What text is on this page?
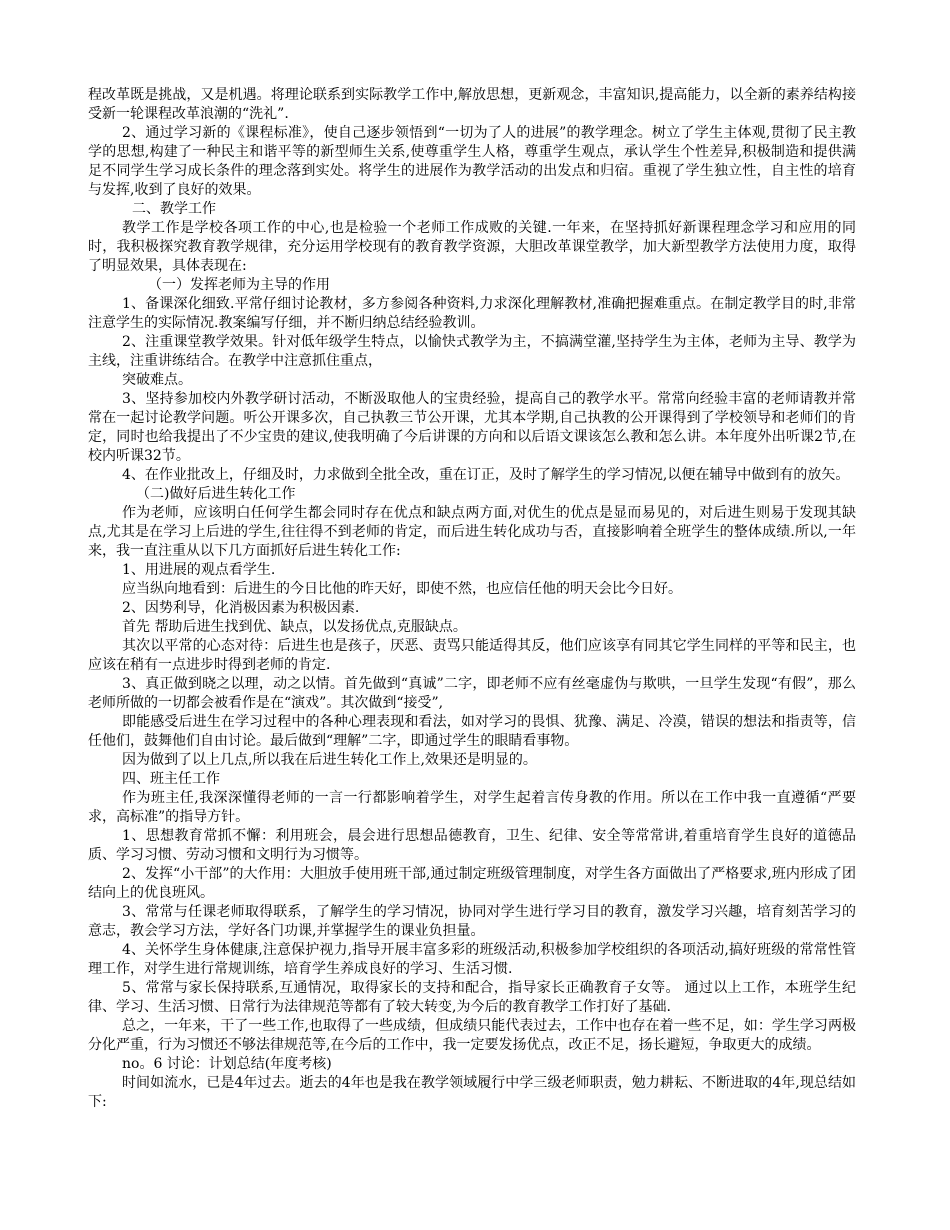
程改革既是挑战，又是机遇。将理论联系到实际教学工作中,解放思想，更新观念，丰富知识,提高能力，以全新的素养结构接受新一轮课程改革浪潮的“洗礼”.

2、通过学习新的《课程标准》，使自己逐步领悟到“一切为了人的进展”的教学理念。树立了学生主体观,贯彻了民主教学的思想,构建了一种民主和谐平等的新型师生关系,使尊重学生人格，尊重学生观点，承认学生个性差异,积极制造和提供满足不同学生学习成长条件的理念落到实处。将学生的进展作为教学活动的出发点和归宿。重视了学生独立性，自主性的培育与发挥,收到了良好的效果。

二、教学工作

教学工作是学校各项工作的中心,也是检验一个老师工作成败的关键.一年来，在坚持抓好新课程理念学习和应用的同时，我积极探究教育教学规律，充分运用学校现有的教育教学资源，大胆改革课堂教学，加大新型教学方法使用力度，取得了明显效果，具体表现在:

（一）发挥老师为主导的作用

1、备课深化细致.平常仔细讨论教材，多方参阅各种资料,力求深化理解教材,准确把握难重点。在制定教学目的时,非常注意学生的实际情况.教案编写仔细，并不断归纳总结经验教训。

2、注重课堂教学效果。针对低年级学生特点，以愉快式教学为主，不搞满堂灌,坚持学生为主体，老师为主导、教学为主线，注重讲练结合。在教学中注意抓住重点，

突破难点。

3、坚持参加校内外教学研讨活动，不断汲取他人的宝贵经验，提高自己的教学水平。常常向经验丰富的老师请教并常常在一起讨论教学问题。听公开课多次，自己执教三节公开课，尤其本学期,自己执教的公开课得到了学校领导和老师们的肯定，同时也给我提出了不少宝贵的建议,使我明确了今后讲课的方向和以后语文课该怎么教和怎么讲。本年度外出听课2节,在校内听课32节。

4、在作业批改上，仔细及时，力求做到全批全改，重在订正，及时了解学生的学习情况,以便在辅导中做到有的放矢。

（二)做好后进生转化工作

作为老师，应该明白任何学生都会同时存在优点和缺点两方面,对优生的优点是显而易见的，对后进生则易于发现其缺点,尤其是在学习上后进的学生,往往得不到老师的肯定，而后进生转化成功与否，直接影响着全班学生的整体成绩.所以,一年来，我一直注重从以下几方面抓好后进生转化工作:

1、用进展的观点看学生.

应当纵向地看到：后进生的今日比他的昨天好，即使不然，也应信任他的明天会比今日好。

2、因势利导，化消极因素为积极因素.

首先 帮助后进生找到优、缺点，以发扬优点,克服缺点。

其次以平常的心态对待：后进生也是孩子，厌恶、责骂只能适得其反，他们应该享有同其它学生同样的平等和民主，也应该在稍有一点进步时得到老师的肯定.

3、真正做到晓之以理，动之以情。首先做到“真诚”二字，即老师不应有丝毫虚伪与欺哄，一旦学生发现“有假”，那么老师所做的一切都会被看作是在“演戏”。其次做到“接受”,

即能感受后进生在学习过程中的各种心理表现和看法，如对学习的畏惧、犹豫、满足、冷漠，错误的想法和指责等，信任他们，鼓舞他们自由讨论。最后做到“理解”二字，即通过学生的眼睛看事物。

因为做到了以上几点,所以我在后进生转化工作上,效果还是明显的。

四、班主任工作

作为班主任,我深深懂得老师的一言一行都影响着学生，对学生起着言传身教的作用。所以在工作中我一直遵循“严要求，高标准”的指导方针。

1、思想教育常抓不懈：利用班会，晨会进行思想品德教育，卫生、纪律、安全等常常讲,着重培育学生良好的道德品质、学习习惯、劳动习惯和文明行为习惯等。

2、发挥“小干部”的大作用：大胆放手使用班干部,通过制定班级管理制度，对学生各方面做出了严格要求,班内形成了团结向上的优良班风。

3、常常与任课老师取得联系，了解学生的学习情况，协同对学生进行学习目的教育，激发学习兴趣，培育刻苦学习的意志，教会学习方法，学好各门功课,并掌握学生的课业负担量。

4、关怀学生身体健康,注意保护视力,指导开展丰富多彩的班级活动,积极参加学校组织的各项活动,搞好班级的常常性管理工作，对学生进行常规训练，培育学生养成良好的学习、生活习惯.

5、常常与家长保持联系,互通情况，取得家长的支持和配合，指导家长正确教育子女等。 通过以上工作，本班学生纪律、学习、生活习惯、日常行为法律规范等都有了较大转变,为今后的教育教学工作打好了基础.

总之，一年来，干了一些工作,也取得了一些成绩，但成绩只能代表过去，工作中也存在着一些不足，如：学生学习两极分化严重，行为习惯还不够法律规范等,在今后的工作中，我一定要发扬优点，改正不足，扬长避短，争取更大的成绩。

no。6 讨论：计划总结(年度考核)

时间如流水，已是4年过去。逝去的4年也是我在教学领域履行中学三级老师职责，勉力耕耘、不断进取的4年,现总结如下:
